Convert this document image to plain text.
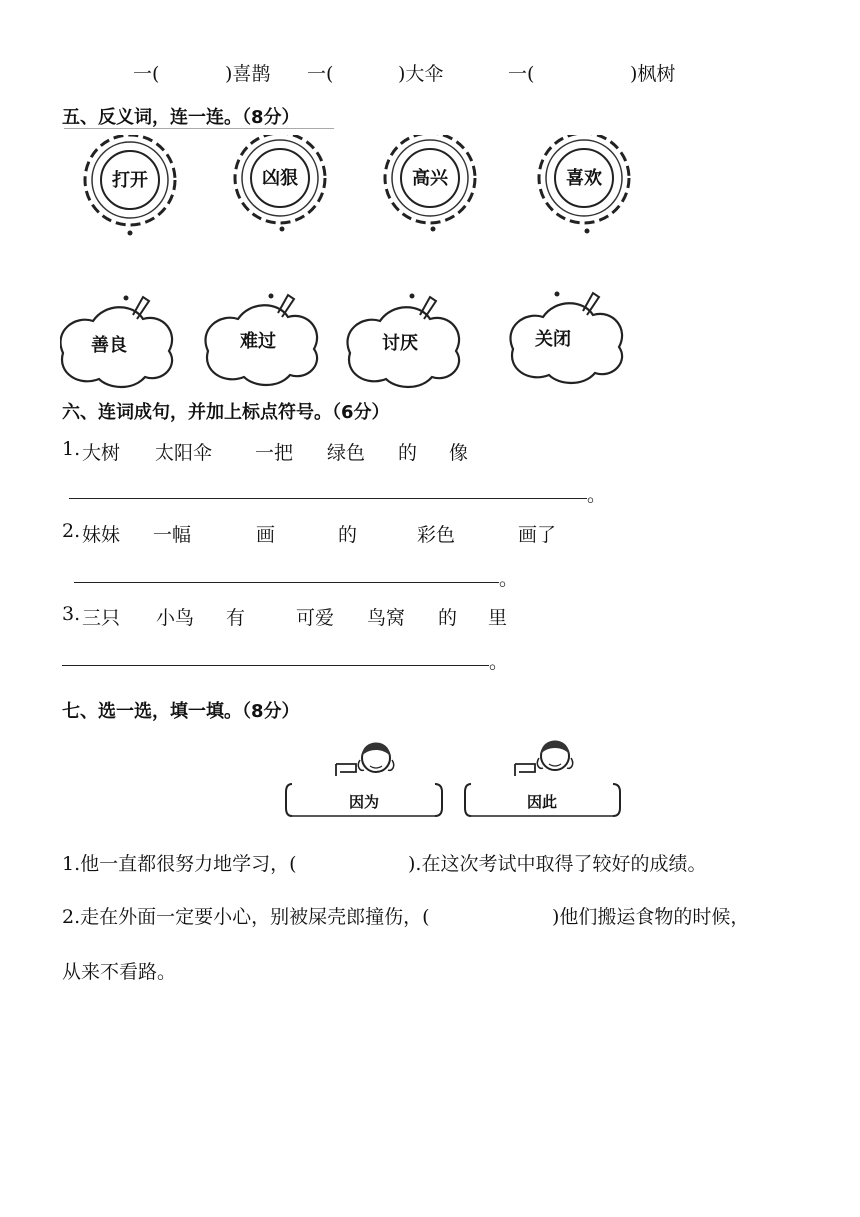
一(	)喜鹊 一(	)大伞	一(	)枫树
五、反义词，连一连。（8分）
打开	凶狠	高兴	喜欢
善良	难过	讨厌	关闭
六、连词成句，并加上标点符号。（6分）
1. 大树 太阳伞 一把 绿色 的 像
。
2. 妹妹 一幅	画	的	彩色	画了
。
3. 三只 小鸟 有	可爱 鸟窝 的 里
。
七、选一选，填一填。（8分）
因为	因此
1.他一直都很努力地学习，(	).在这次考试中取得了较好的成绩。
2.走在外面一定要小心，别被屎壳郎撞伤，(	)他们搬运食物的时候，
从来不看路。
